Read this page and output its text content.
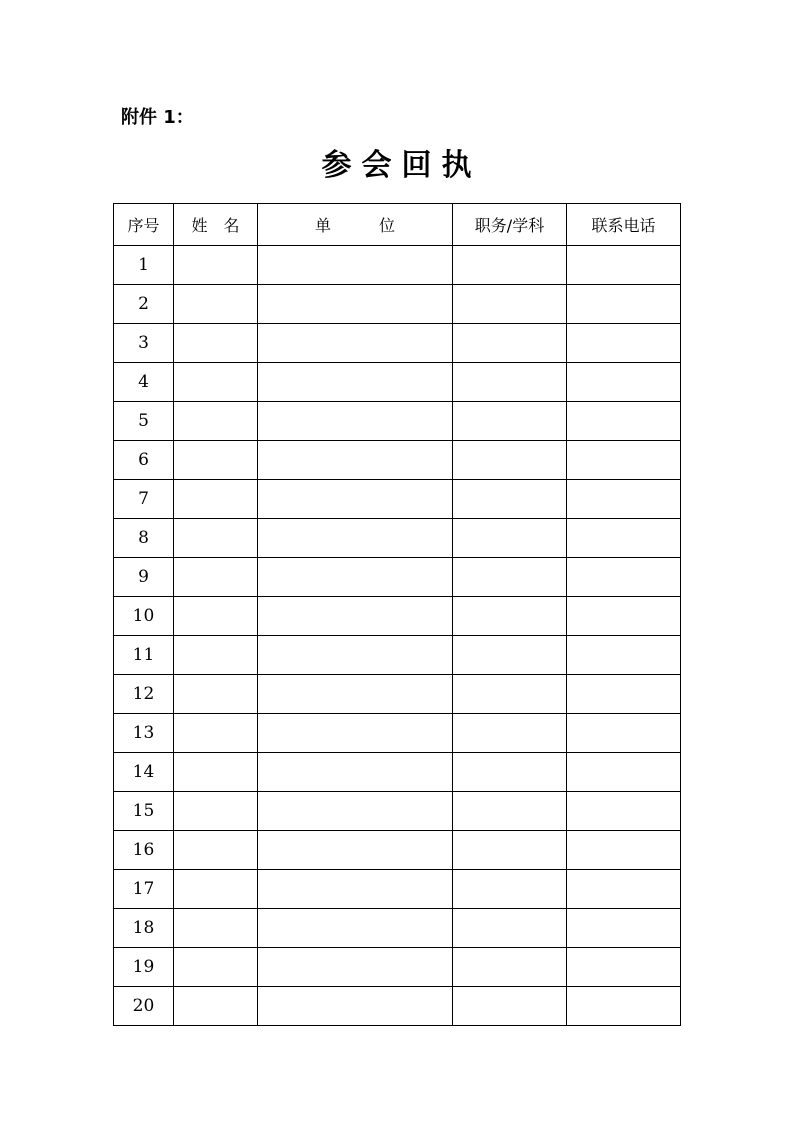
附件 1：
参会回执
序号	姓　名	单　　　位	职务/学科	联系电话
1				
2				
3				
4				
5				
6				
7				
8				
9				
10				
11				
12				
13				
14				
15				
16				
17				
18				
19				
20				
